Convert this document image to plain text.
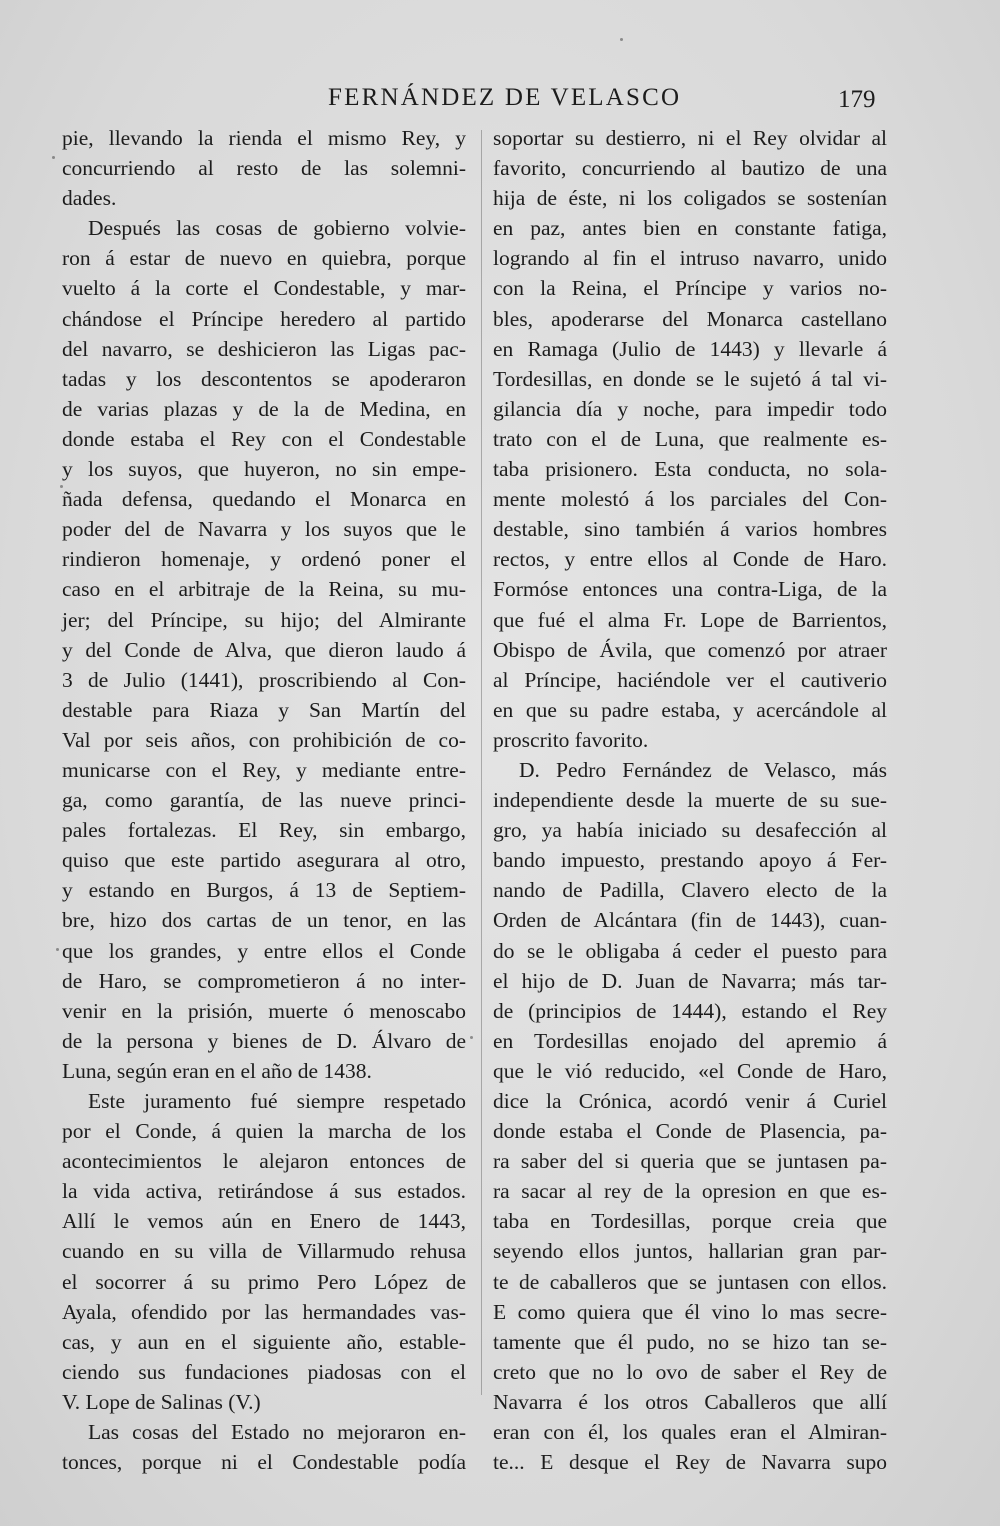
FERNÁNDEZ DE VELASCO	179
pie, llevando la rienda el mismo Rey, y
concurriendo al resto de las solemni-
dades.
Después las cosas de gobierno volvie-
ron á estar de nuevo en quiebra, porque
vuelto á la corte el Condestable, y mar-
chándose el Príncipe heredero al partido
del navarro, se deshicieron las Ligas pac-
tadas y los descontentos se apoderaron
de varias plazas y de la de Medina, en
donde estaba el Rey con el Condestable
y los suyos, que huyeron, no sin empe-
ñada defensa, quedando el Monarca en
poder del de Navarra y los suyos que le
rindieron homenaje, y ordenó poner el
caso en el arbitraje de la Reina, su mu-
jer; del Príncipe, su hijo; del Almirante
y del Conde de Alva, que dieron laudo á
3 de Julio (1441), proscribiendo al Con-
destable para Riaza y San Martín del
Val por seis años, con prohibición de co-
municarse con el Rey, y mediante entre-
ga, como garantía, de las nueve princi-
pales fortalezas. El Rey, sin embargo,
quiso que este partido asegurara al otro,
y estando en Burgos, á 13 de Septiem-
bre, hizo dos cartas de un tenor, en las
que los grandes, y entre ellos el Conde
de Haro, se comprometieron á no inter-
venir en la prisión, muerte ó menoscabo
de la persona y bienes de D. Álvaro de
Luna, según eran en el año de 1438.
Este juramento fué siempre respetado
por el Conde, á quien la marcha de los
acontecimientos le alejaron entonces de
la vida activa, retirándose á sus estados.
Allí le vemos aún en Enero de 1443,
cuando en su villa de Villarmudo rehusa
el socorrer á su primo Pero López de
Ayala, ofendido por las hermandades vas-
cas, y aun en el siguiente año, estable-
ciendo sus fundaciones piadosas con el
V. Lope de Salinas (V.)
Las cosas del Estado no mejoraron en-
tonces, porque ni el Condestable podía
soportar su destierro, ni el Rey olvidar al
favorito, concurriendo al bautizo de una
hija de éste, ni los coligados se sostenían
en paz, antes bien en constante fatiga,
logrando al fin el intruso navarro, unido
con la Reina, el Príncipe y varios no-
bles, apoderarse del Monarca castellano
en Ramaga (Julio de 1443) y llevarle á
Tordesillas, en donde se le sujetó á tal vi-
gilancia día y noche, para impedir todo
trato con el de Luna, que realmente es-
taba prisionero. Esta conducta, no sola-
mente molestó á los parciales del Con-
destable, sino también á varios hombres
rectos, y entre ellos al Conde de Haro.
Formóse entonces una contra-Liga, de la
que fué el alma Fr. Lope de Barrientos,
Obispo de Ávila, que comenzó por atraer
al Príncipe, haciéndole ver el cautiverio
en que su padre estaba, y acercándole al
proscrito favorito.
D. Pedro Fernández de Velasco, más
independiente desde la muerte de su sue-
gro, ya había iniciado su desafección al
bando impuesto, prestando apoyo á Fer-
nando de Padilla, Clavero electo de la
Orden de Alcántara (fin de 1443), cuan-
do se le obligaba á ceder el puesto para
el hijo de D. Juan de Navarra; más tar-
de (principios de 1444), estando el Rey
en Tordesillas enojado del apremio á
que le vió reducido, «el Conde de Haro,
dice la Crónica, acordó venir á Curiel
donde estaba el Conde de Plasencia, pa-
ra saber del si queria que se juntasen pa-
ra sacar al rey de la opresion en que es-
taba en Tordesillas, porque creia que
seyendo ellos juntos, hallarian gran par-
te de caballeros que se juntasen con ellos.
E como quiera que él vino lo mas secre-
tamente que él pudo, no se hizo tan se-
creto que no lo ovo de saber el Rey de
Navarra é los otros Caballeros que allí
eran con él, los quales eran el Almiran-
te... E desque el Rey de Navarra supo
